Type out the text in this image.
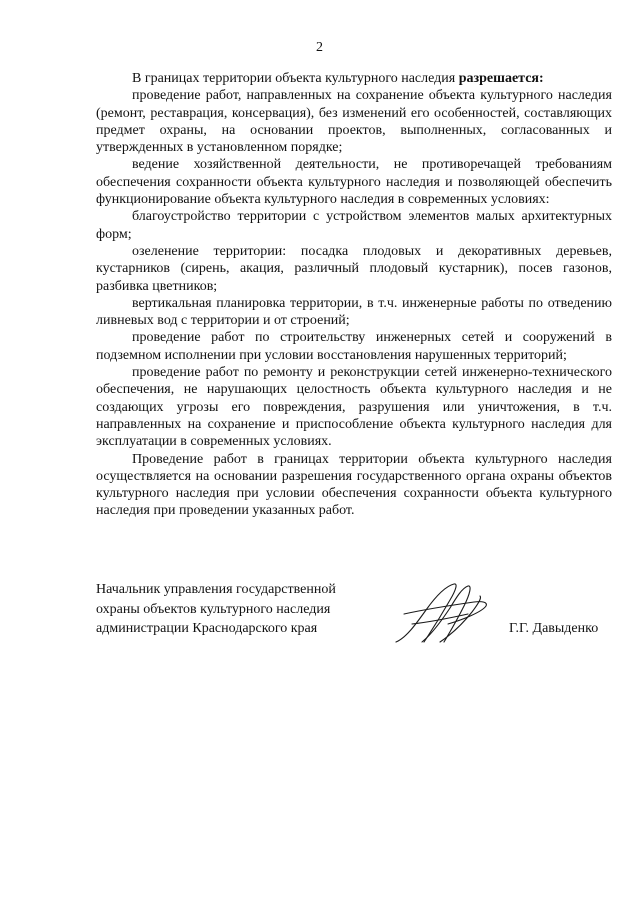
2

В границах территории объекта культурного наследия разрешается:

проведение работ, направленных на сохранение объекта культурного наследия (ремонт, реставрация, консервация), без изменений его особенностей, составляющих предмет охраны, на основании проектов, выполненных, согласованных и утвержденных в установленном порядке;

ведение хозяйственной деятельности, не противоречащей требованиям обеспечения сохранности объекта культурного наследия и позволяющей обеспечить функционирование объекта культурного наследия в современных условиях:

благоустройство территории с устройством элементов малых архитектурных форм;

озеленение территории: посадка плодовых и декоративных деревьев, кустарников (сирень, акация, различный плодовый кустарник), посев газонов, разбивка цветников;

вертикальная планировка территории, в т.ч. инженерные работы по отведению ливневых вод с территории и от строений;

проведение работ по строительству инженерных сетей и сооружений в подземном исполнении при условии восстановления нарушенных территорий;

проведение работ по ремонту и реконструкции сетей инженерно-технического обеспечения, не нарушающих целостность объекта культурного наследия и не создающих угрозы его повреждения, разрушения или уничтожения, в т.ч. направленных на сохранение и приспособление объекта культурного наследия для эксплуатации в современных условиях.

Проведение работ в границах территории объекта культурного наследия осуществляется на основании разрешения государственного органа охраны объектов культурного наследия при условии обеспечения сохранности объекта культурного наследия при проведении указанных работ.

Начальник управления государственной
охраны объектов культурного наследия
администрации Краснодарского края	Г.Г. Давыденко
